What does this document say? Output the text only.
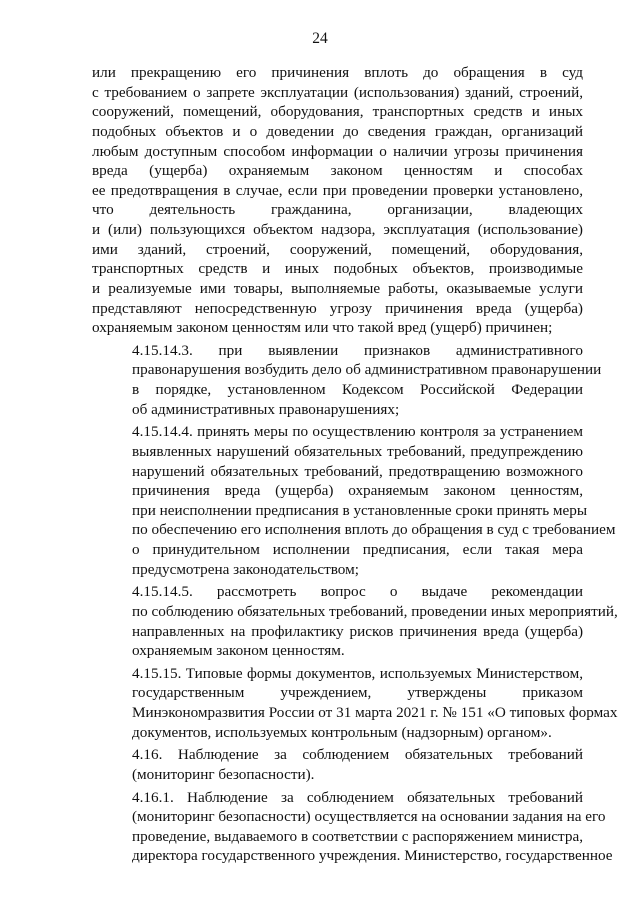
24

или прекращению его причинения вплоть до обращения в суд
с требованием о запрете эксплуатации (использования) зданий, строений,
сооружений, помещений, оборудования, транспортных средств и иных
подобных объектов и о доведении до сведения граждан, организаций
любым доступным способом информации о наличии угрозы причинения
вреда (ущерба) охраняемым законом ценностям и способах
ее предотвращения в случае, если при проведении проверки установлено,
что деятельность гражданина, организации, владеющих
и (или) пользующихся объектом надзора, эксплуатация (использование)
ими зданий, строений, сооружений, помещений, оборудования,
транспортных средств и иных подобных объектов, производимые
и реализуемые ими товары, выполняемые работы, оказываемые услуги
представляют непосредственную угрозу причинения вреда (ущерба)
охраняемым законом ценностям или что такой вред (ущерб) причинен;

4.15.14.3. при выявлении признаков административного
правонарушения возбудить дело об административном правонарушении
в порядке, установленном Кодексом Российской Федерации
об административных правонарушениях;

4.15.14.4. принять меры по осуществлению контроля за устранением
выявленных нарушений обязательных требований, предупреждению
нарушений обязательных требований, предотвращению возможного
причинения вреда (ущерба) охраняемым законом ценностям,
при неисполнении предписания в установленные сроки принять меры
по обеспечению его исполнения вплоть до обращения в суд с требованием
о принудительном исполнении предписания, если такая мера
предусмотрена законодательством;

4.15.14.5. рассмотреть вопрос о выдаче рекомендации
по соблюдению обязательных требований, проведении иных мероприятий,
направленных на профилактику рисков причинения вреда (ущерба)
охраняемым законом ценностям.

4.15.15. Типовые формы документов, используемых Министерством,
государственным учреждением, утверждены приказом
Минэкономразвития России от 31 марта 2021 г. № 151 «О типовых формах
документов, используемых контрольным (надзорным) органом».

4.16. Наблюдение за соблюдением обязательных требований
(мониторинг безопасности).

4.16.1. Наблюдение за соблюдением обязательных требований
(мониторинг безопасности) осуществляется на основании задания на его
проведение, выдаваемого в соответствии с распоряжением министра,
директора государственного учреждения. Министерство, государственное
